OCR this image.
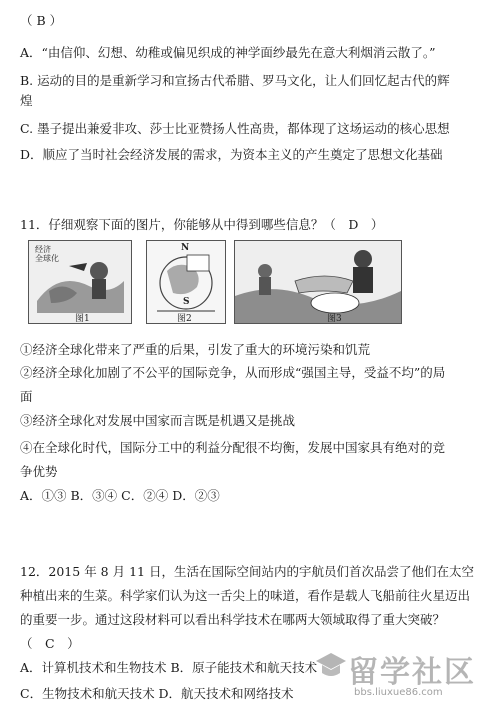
（ B ）
A．“由信仰、幻想、幼稚或偏见织成的神学面纱最先在意大利烟消云散了。”
B. 运动的目的是重新学习和宣扬古代希腊、罗马文化，让人们回忆起古代的辉
煌
C. 墨子提出兼爱非攻、莎士比亚赞扬人性高贵，都体现了这场运动的核心思想
D．顺应了当时社会经济发展的需求，为资本主义的产生奠定了思想文化基础
11．仔细观察下面的图片，你能够从中得到哪些信息？（　D　）
经济
全球化
图1
N
S
图2	图3
①经济全球化带来了严重的后果，引发了重大的环境污染和饥荒
②经济全球化加剧了不公平的国际竞争，从而形成“强国主导，受益不均”的局
面
③经济全球化对发展中国家而言既是机遇又是挑战
④在全球化时代，国际分工中的利益分配很不均衡，发展中国家具有绝对的竞
争优势
A．①③ B．③④ C．②④ D．②③
12．2015 年 8 月 11 日，生活在国际空间站内的宇航员们首次品尝了他们在太空
种植出来的生菜。科学家们认为这一舌尖上的味道，看作是载人飞船前往火星迈出
的重要一步。通过这段材料可以看出科学技术在哪两大领域取得了重大突破？
（　C　）
A．计算机技术和生物技术 B．原子能技术和航天技术
C．生物技术和航天技术 D．航天技术和网络技术
留学社区
bbs.liuxue86.com
